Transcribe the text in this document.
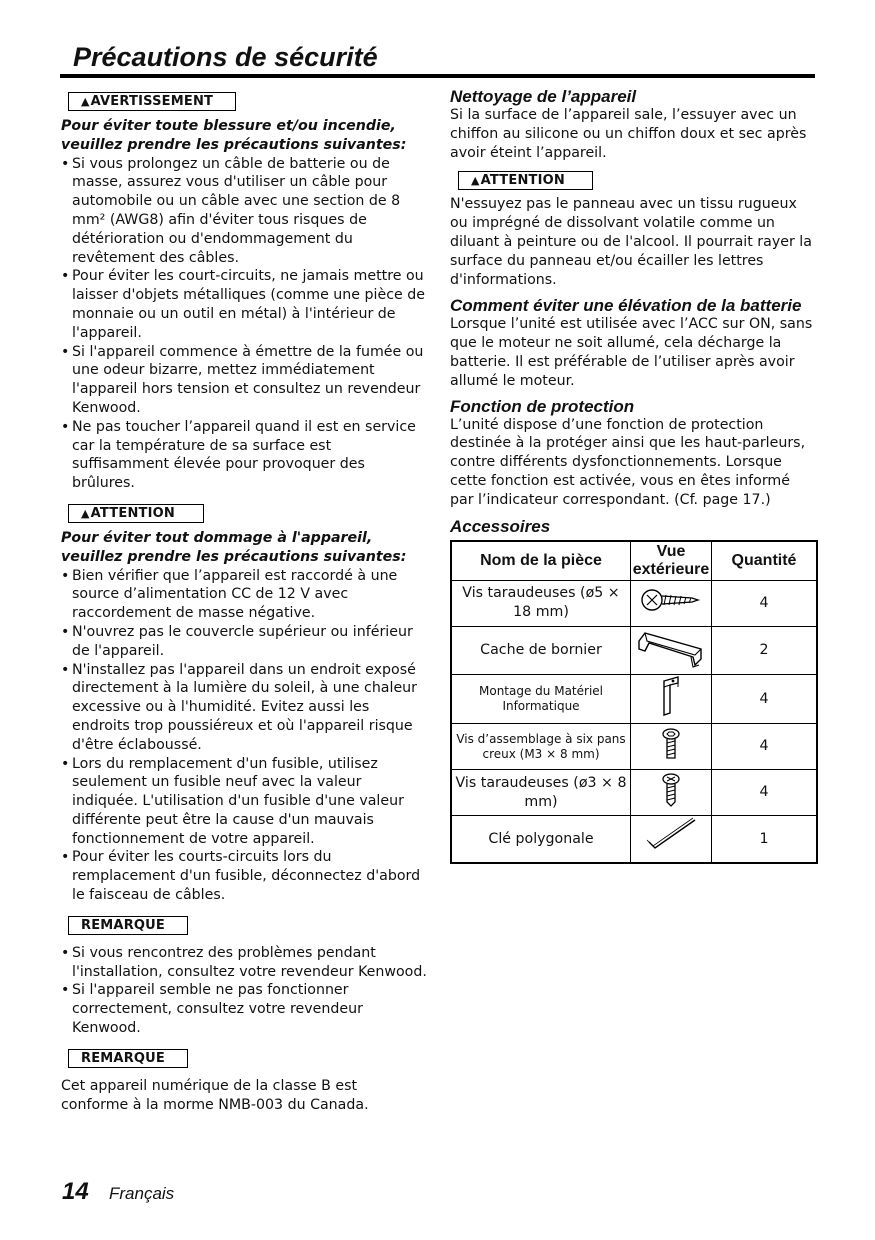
Précautions de sécurité
▲AVERTISSEMENT
Pour éviter toute blessure et/ou incendie, veuillez prendre les précautions suivantes:
• Si vous prolongez un câble de batterie ou de masse, assurez vous d'utiliser un câble pour automobile ou un câble avec une section de 8 mm² (AWG8) afin d'éviter tous risques de détérioration ou d'endommagement du revêtement des câbles.
• Pour éviter les court-circuits, ne jamais mettre ou laisser d'objets métalliques (comme une pièce de monnaie ou un outil en métal) à l'intérieur de l'appareil.
• Si l'appareil commence à émettre de la fumée ou une odeur bizarre, mettez immédiatement l'appareil hors tension et consultez un revendeur Kenwood.
• Ne pas toucher l’appareil quand il est en service car la température de sa surface est suffisamment élevée pour provoquer des brûlures.
▲ATTENTION
Pour éviter tout dommage à l'appareil, veuillez prendre les précautions suivantes:
• Bien vérifier que l’appareil est raccordé à une source d’alimentation CC de 12 V avec raccordement de masse négative.
• N'ouvrez pas le couvercle supérieur ou inférieur de l'appareil.
• N'installez pas l'appareil dans un endroit exposé directement à la lumière du soleil, à une chaleur excessive ou à l'humidité. Evitez aussi les endroits trop poussiéreux et où l'appareil risque d'être éclaboussé.
• Lors du remplacement d'un fusible, utilisez seulement un fusible neuf avec la valeur indiquée. L'utilisation d'un fusible d'une valeur différente peut être la cause d'un mauvais fonctionnement de votre appareil.
• Pour éviter les courts-circuits lors du remplacement d'un fusible, déconnectez d'abord le faisceau de câbles.
REMARQUE
• Si vous rencontrez des problèmes pendant l'installation, consultez votre revendeur Kenwood.
• Si l'appareil semble ne pas fonctionner correctement, consultez votre revendeur Kenwood.
REMARQUE

Cet appareil numérique de la classe B est conforme à la morme NMB-003 du Canada.

Nettoyage de l’appareil

Si la surface de l’appareil sale, l’essuyer avec un chiffon au silicone ou un chiffon doux et sec après avoir éteint l’appareil.

▲ATTENTION

N'essuyez pas le panneau avec un tissu rugueux ou imprégné de dissolvant volatile comme un diluant à peinture ou de l'alcool. Il pourrait rayer la surface du panneau et/ou écailler les lettres d'informations.

Comment éviter une élévation de la batterie

Lorsque l’unité est utilisée avec l’ACC sur ON, sans que le moteur ne soit allumé, cela décharge la batterie. Il est préférable de l’utiliser après avoir allumé le moteur.

Fonction de protection

L’unité dispose d’une fonction de protection destinée à la protéger ainsi que les haut-parleurs, contre différents dysfonctionnements. Lorsque cette fonction est activée, vous en êtes informé par l’indicateur correspondant. (Cf. page 17.)

Accessoires
Nom de la pièce	Vue extérieure	Quantité
Vis taraudeuses (ø5 × 18 mm)		4
Cache de bornier		2
Montage du Matériel Informatique		4
Vis d’assemblage à six pans creux (M3 × 8 mm)		4
Vis taraudeuses (ø3 × 8 mm)		4
Clé polygonale		1
14 Français
